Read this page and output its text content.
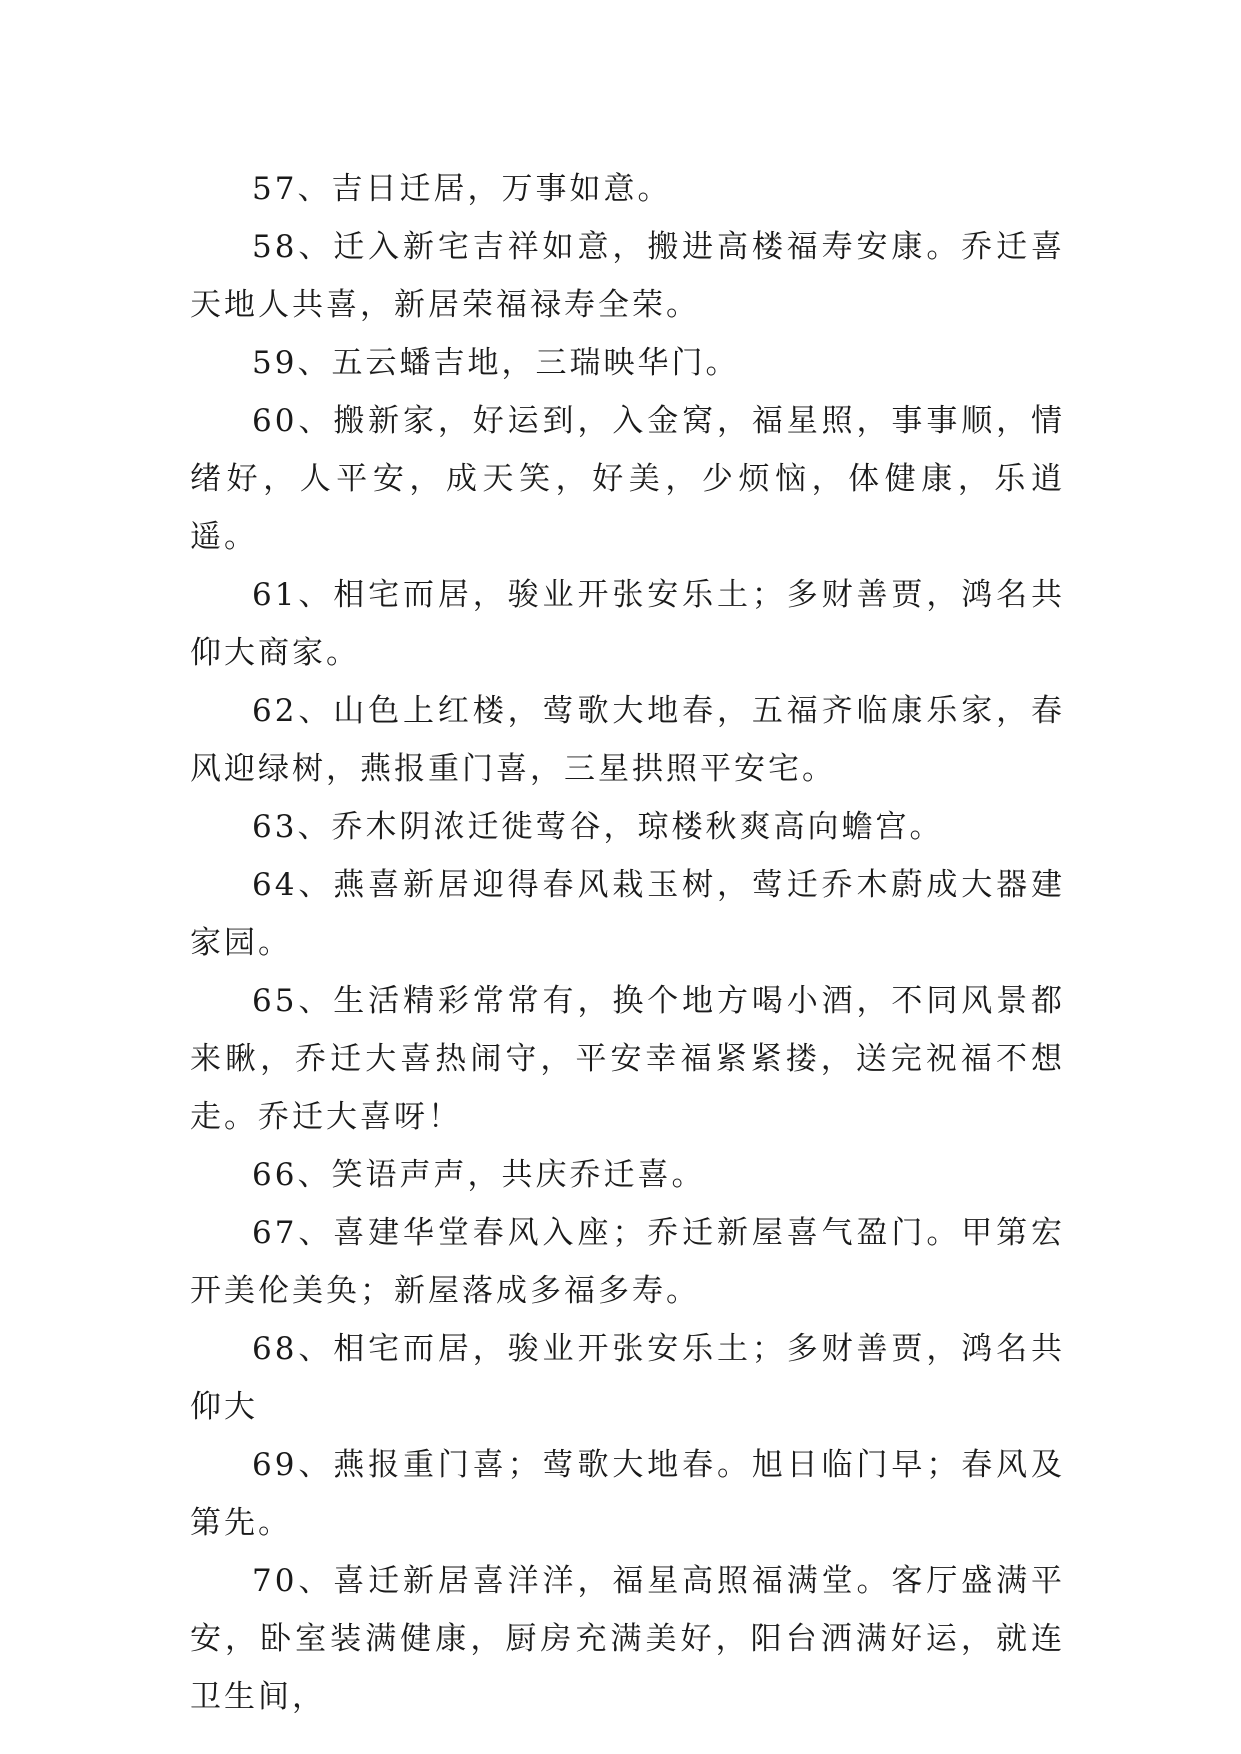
57、吉日迁居，万事如意。

58、迁入新宅吉祥如意，搬进高楼福寿安康。乔迁喜天地人共喜，新居荣福禄寿全荣。

59、五云蟠吉地，三瑞映华门。

60、搬新家，好运到，入金窝，福星照，事事顺，情绪好，人平安，成天笑，好美，少烦恼，体健康，乐逍遥。

61、相宅而居，骏业开张安乐土；多财善贾，鸿名共仰大商家。

62、山色上红楼，莺歌大地春，五福齐临康乐家，春风迎绿树，燕报重门喜，三星拱照平安宅。

63、乔木阴浓迁徙莺谷，琼楼秋爽高向蟾宫。

64、燕喜新居迎得春风栽玉树，莺迁乔木蔚成大器建家园。

65、生活精彩常常有，换个地方喝小酒，不同风景都来瞅，乔迁大喜热闹守，平安幸福紧紧搂，送完祝福不想走。乔迁大喜呀！

66、笑语声声，共庆乔迁喜。

67、喜建华堂春风入座；乔迁新屋喜气盈门。甲第宏开美伦美奂；新屋落成多福多寿。

68、相宅而居，骏业开张安乐土；多财善贾，鸿名共仰大

69、燕报重门喜；莺歌大地春。旭日临门早；春风及第先。

70、喜迁新居喜洋洋，福星高照福满堂。客厅盛满平安，卧室装满健康，厨房充满美好，阳台洒满好运，就连卫生间，
